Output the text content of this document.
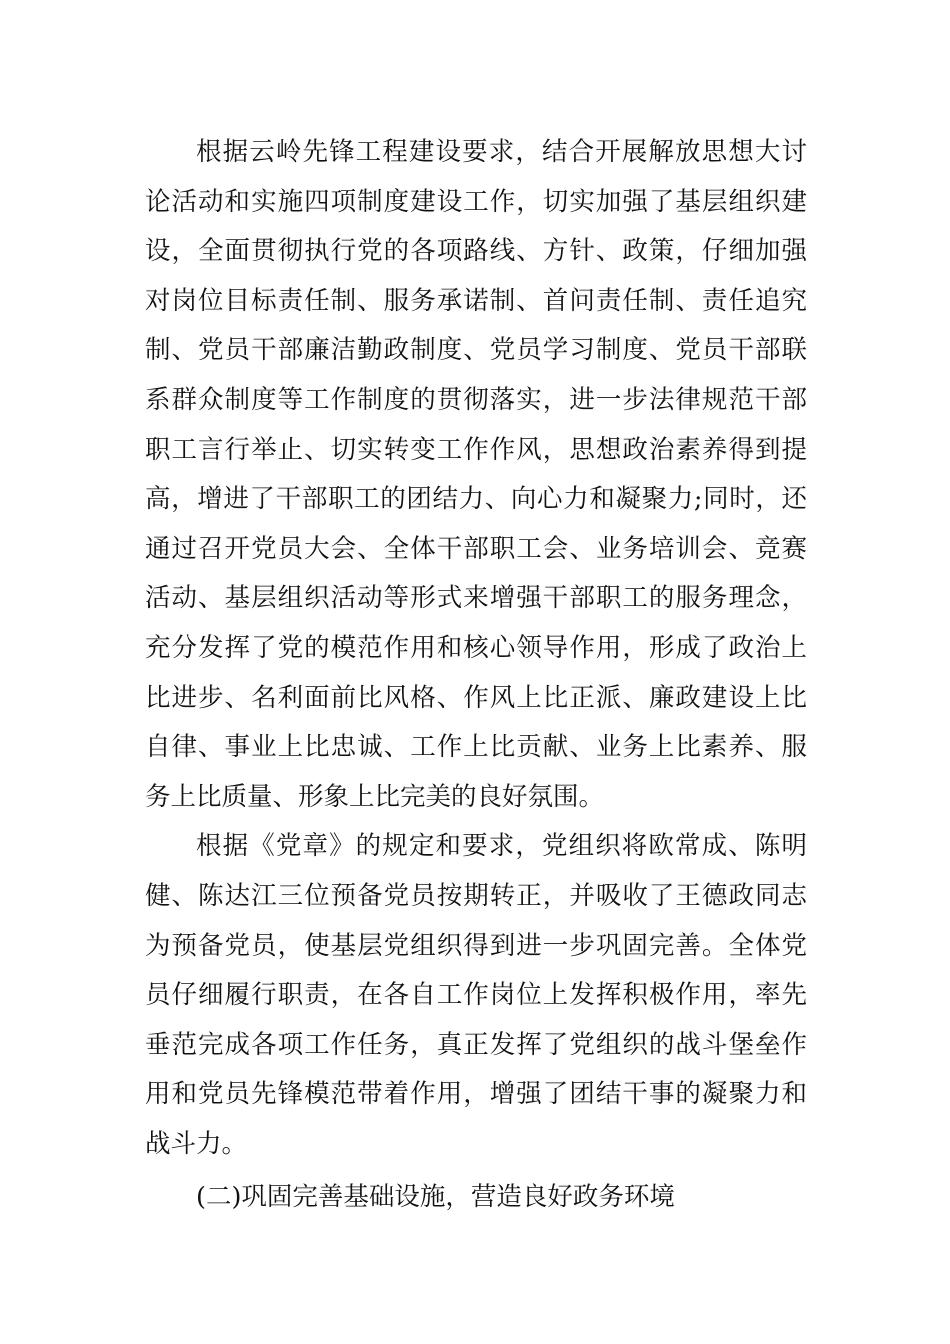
根据云岭先锋工程建设要求，结合开展解放思想大讨论活动和实施四项制度建设工作，切实加强了基层组织建设，全面贯彻执行党的各项路线、方针、政策，仔细加强对岗位目标责任制、服务承诺制、首问责任制、责任追究制、党员干部廉洁勤政制度、党员学习制度、党员干部联系群众制度等工作制度的贯彻落实，进一步法律规范干部职工言行举止、切实转变工作作风，思想政治素养得到提高，增进了干部职工的团结力、向心力和凝聚力;同时，还通过召开党员大会、全体干部职工会、业务培训会、竞赛活动、基层组织活动等形式来增强干部职工的服务理念，充分发挥了党的模范作用和核心领导作用，形成了政治上比进步、名利面前比风格、作风上比正派、廉政建设上比自律、事业上比忠诚、工作上比贡献、业务上比素养、服务上比质量、形象上比完美的良好氛围。

根据《党章》的规定和要求，党组织将欧常成、陈明健、陈达江三位预备党员按期转正，并吸收了王德政同志为预备党员，使基层党组织得到进一步巩固完善。全体党员仔细履行职责，在各自工作岗位上发挥积极作用，率先垂范完成各项工作任务，真正发挥了党组织的战斗堡垒作用和党员先锋模范带着作用，增强了团结干事的凝聚力和战斗力。

(二)巩固完善基础设施，营造良好政务环境
